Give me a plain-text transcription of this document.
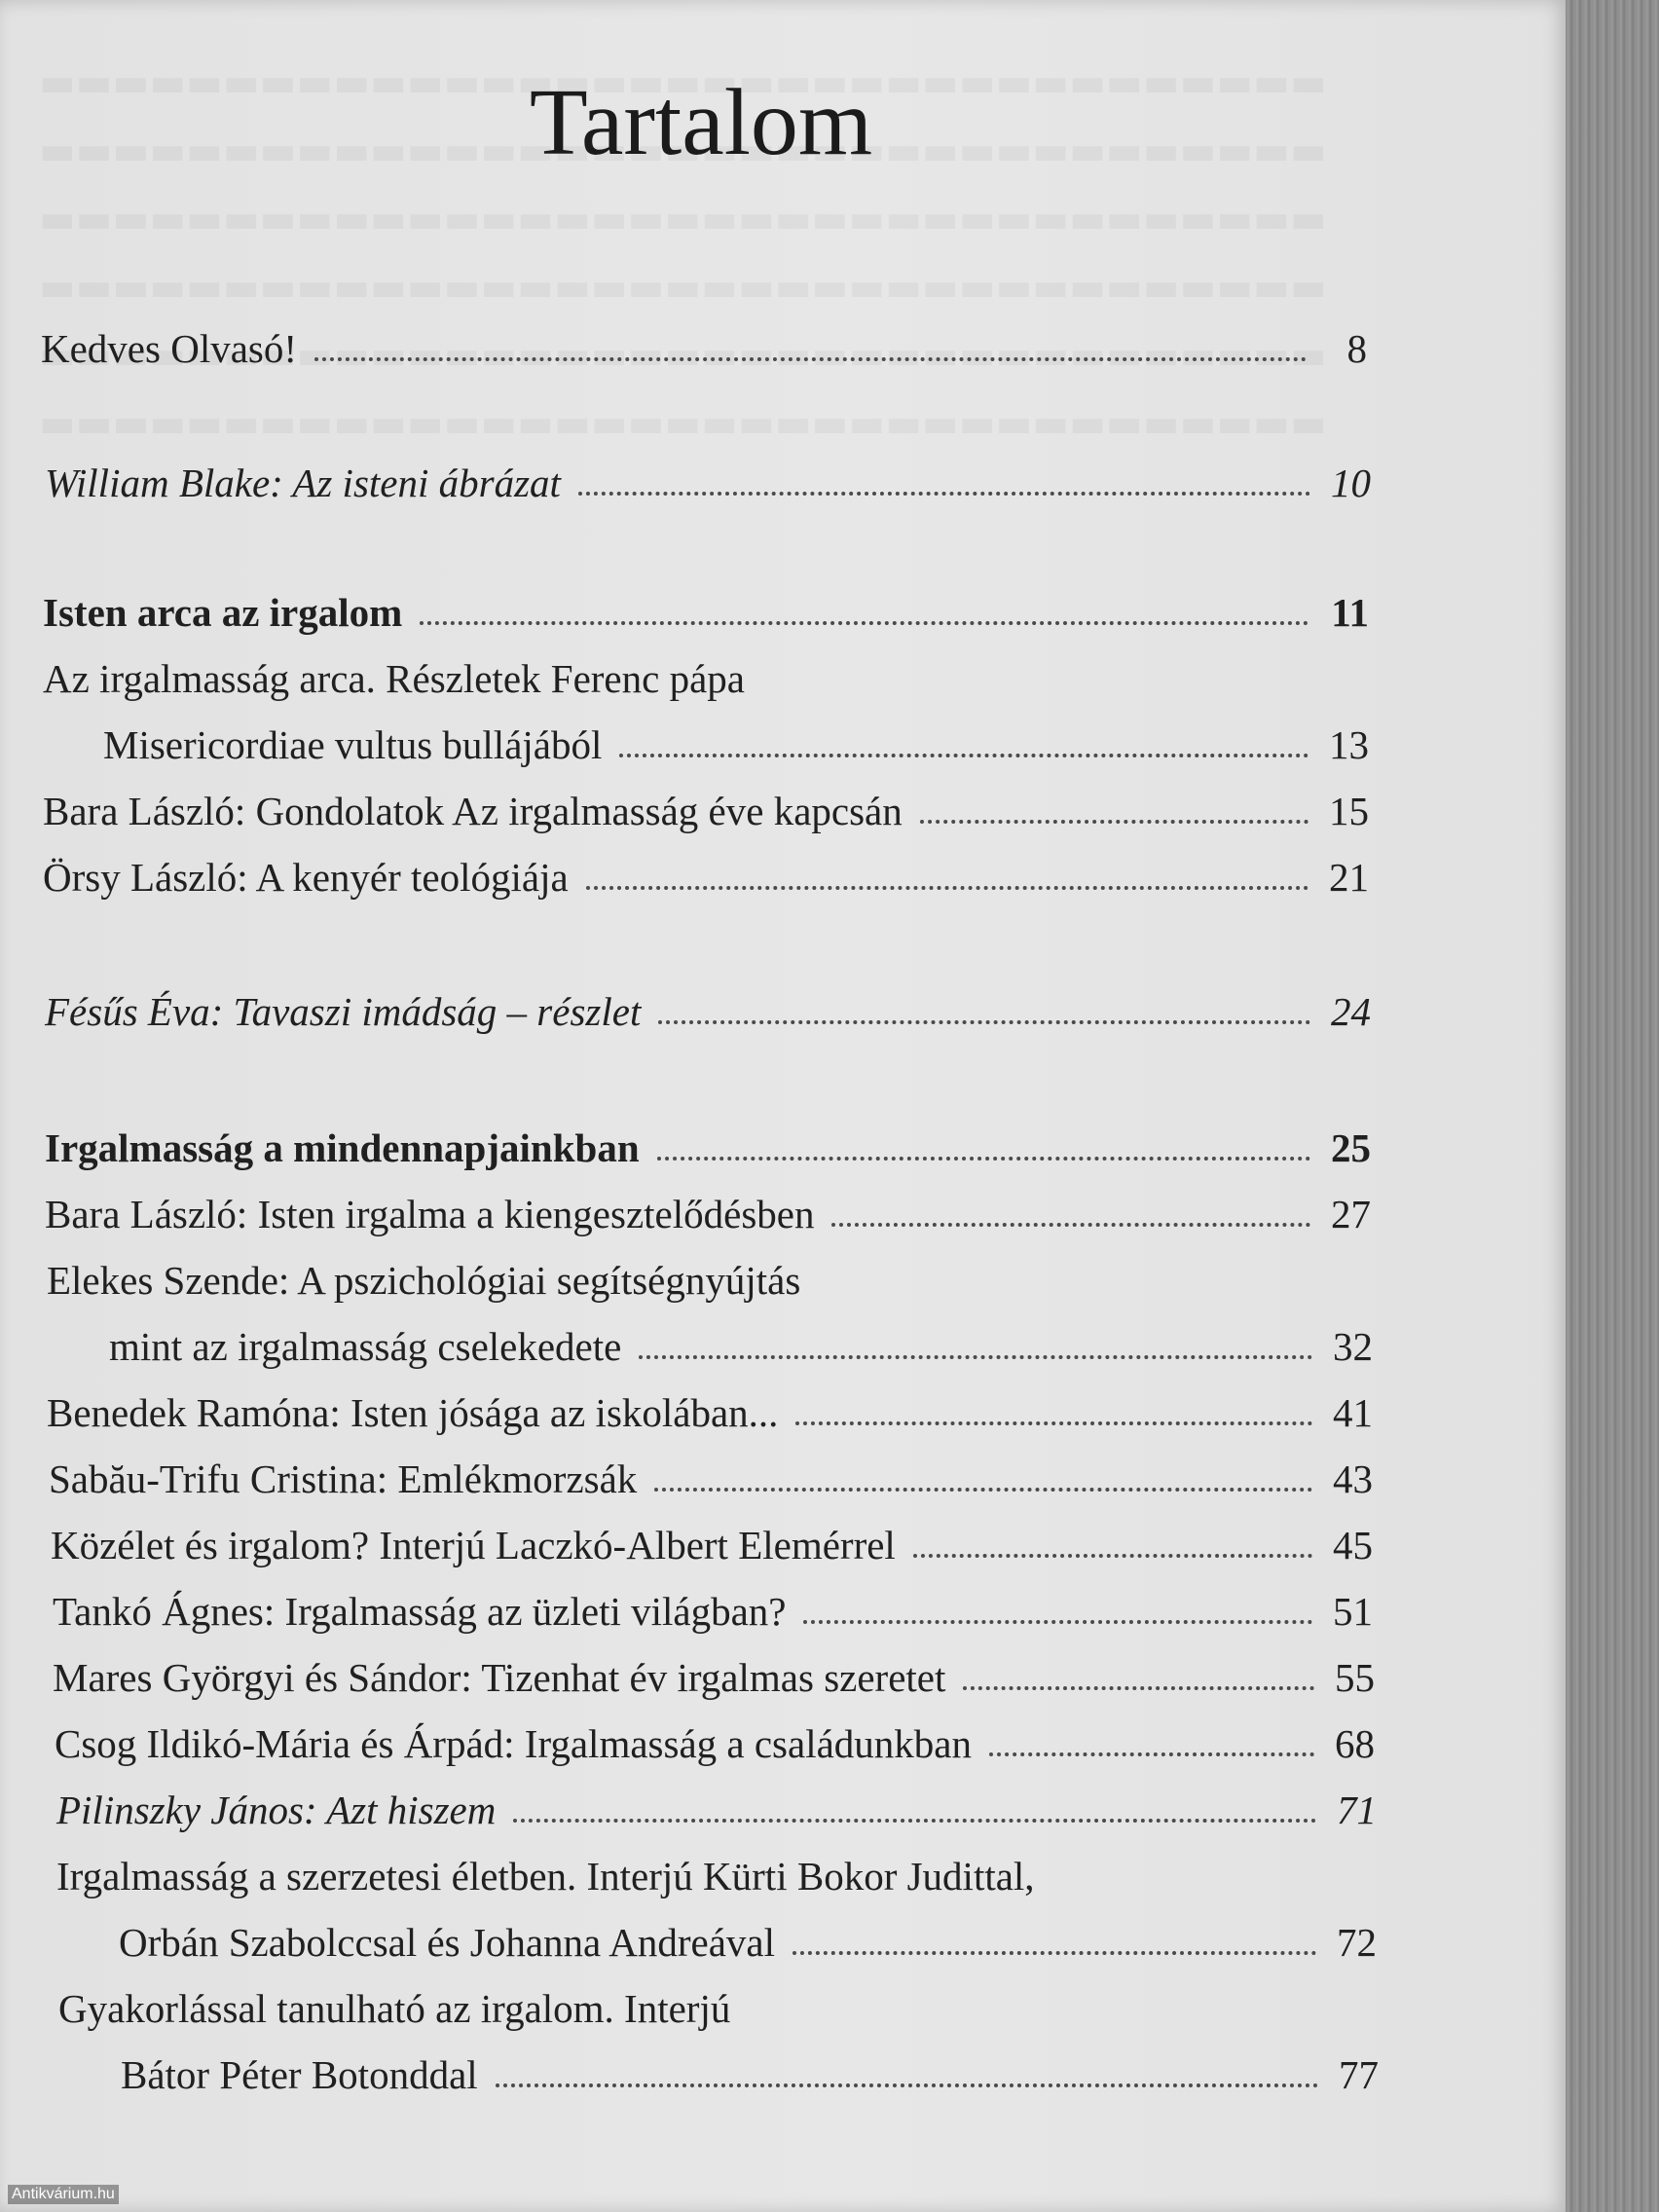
Tartalom
Kedves Olvasó!	8
William Blake: Az isteni ábrázat	10
Isten arca az irgalom	11
Az irgalmasság arca. Részletek Ferenc pápa
Misericordiae vultus bullájából	13
Bara László: Gondolatok Az irgalmasság éve kapcsán	15
Örsy László: A kenyér teológiája	21
Fésűs Éva: Tavaszi imádság – részlet	24
Irgalmasság a mindennapjainkban	25
Bara László: Isten irgalma a kiengesztelődésben	27
Elekes Szende: A pszichológiai segítségnyújtás
mint az irgalmasság cselekedete	32
Benedek Ramóna: Isten jósága az iskolában...	41
Sabău-Trifu Cristina: Emlékmorzsák	43
Közélet és irgalom? Interjú Laczkó-Albert Elemérrel	45
Tankó Ágnes: Irgalmasság az üzleti világban?	51
Mares Györgyi és Sándor: Tizenhat év irgalmas szeretet	55
Csog Ildikó-Mária és Árpád: Irgalmasság a családunkban	68
Pilinszky János: Azt hiszem	71
Irgalmasság a szerzetesi életben. Interjú Kürti Bokor Judittal,
Orbán Szabolccsal és Johanna Andreával	72
Gyakorlással tanulható az irgalom. Interjú
Bátor Péter Botonddal	77
Antikvárium.hu
